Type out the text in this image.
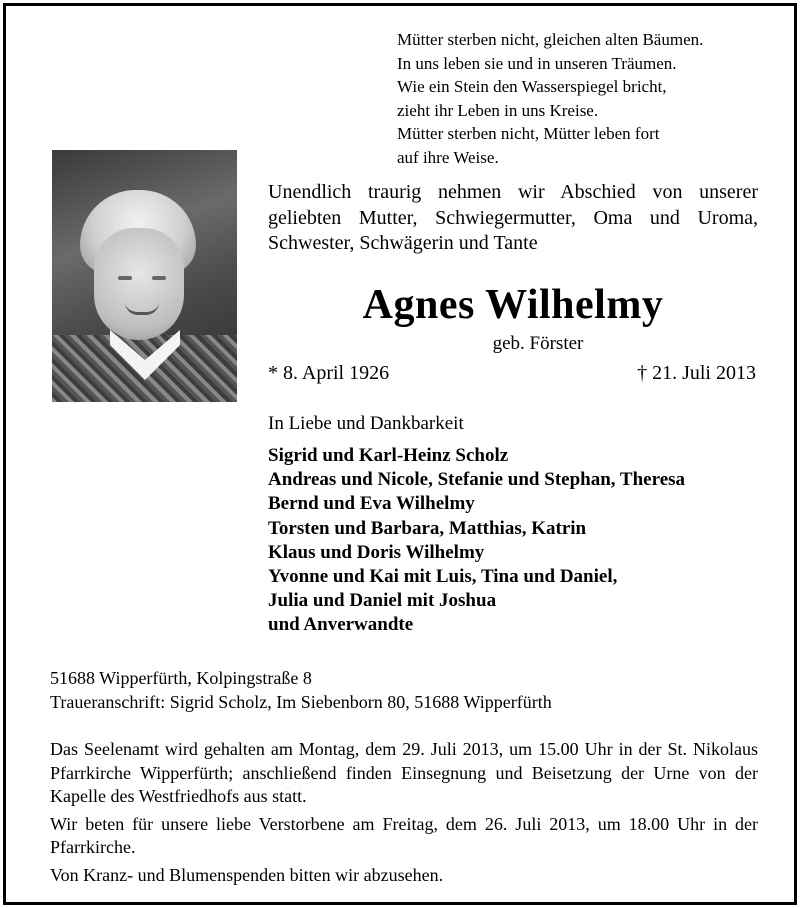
Mütter sterben nicht, gleichen alten Bäumen.
In uns leben sie und in unseren Träumen.
Wie ein Stein den Wasserspiegel bricht,
zieht ihr Leben in uns Kreise.
Mütter sterben nicht, Mütter leben fort
auf ihre Weise.
Unendlich traurig nehmen wir Abschied von unserer geliebten Mutter, Schwiegermutter, Oma und Uroma, Schwester, Schwägerin und Tante
Agnes Wilhelmy
geb. Förster
* 8. April 1926	† 21. Juli 2013
In Liebe und Dankbarkeit
Sigrid und Karl-Heinz Scholz
Andreas und Nicole, Stefanie und Stephan, Theresa
Bernd und Eva Wilhelmy
Torsten und Barbara, Matthias, Katrin
Klaus und Doris Wilhelmy
Yvonne und Kai mit Luis, Tina und Daniel,
Julia und Daniel mit Joshua
und Anverwandte
51688 Wipperfürth, Kolpingstraße 8
Traueranschrift: Sigrid Scholz, Im Siebenborn 80, 51688 Wipperfürth

Das Seelenamt wird gehalten am Montag, dem 29. Juli 2013, um 15.00 Uhr in der St. Nikolaus Pfarrkirche Wipperfürth; anschließend finden Einsegnung und Beisetzung der Urne von der Kapelle des Westfriedhofs aus statt.

Wir beten für unsere liebe Verstorbene am Freitag, dem 26. Juli 2013, um 18.00 Uhr in der Pfarrkirche.

Von Kranz- und Blumenspenden bitten wir abzusehen.
